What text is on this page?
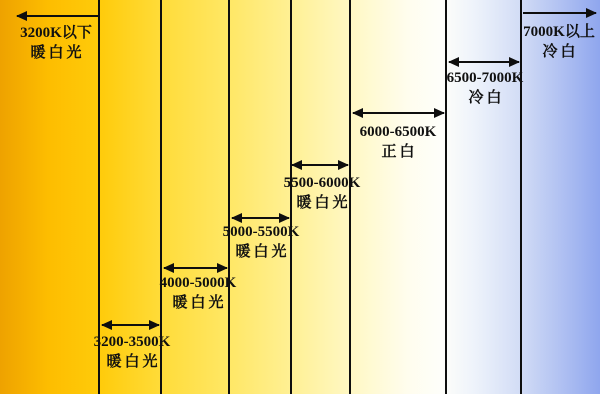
3200K以下
暖白光
3200-3500K
暖白光
4000-5000K
暖白光
5000-5500K
暖白光
5500-6000K
暖白光
6000-6500K
正白
6500-7000K
冷白
7000K以上
冷白
